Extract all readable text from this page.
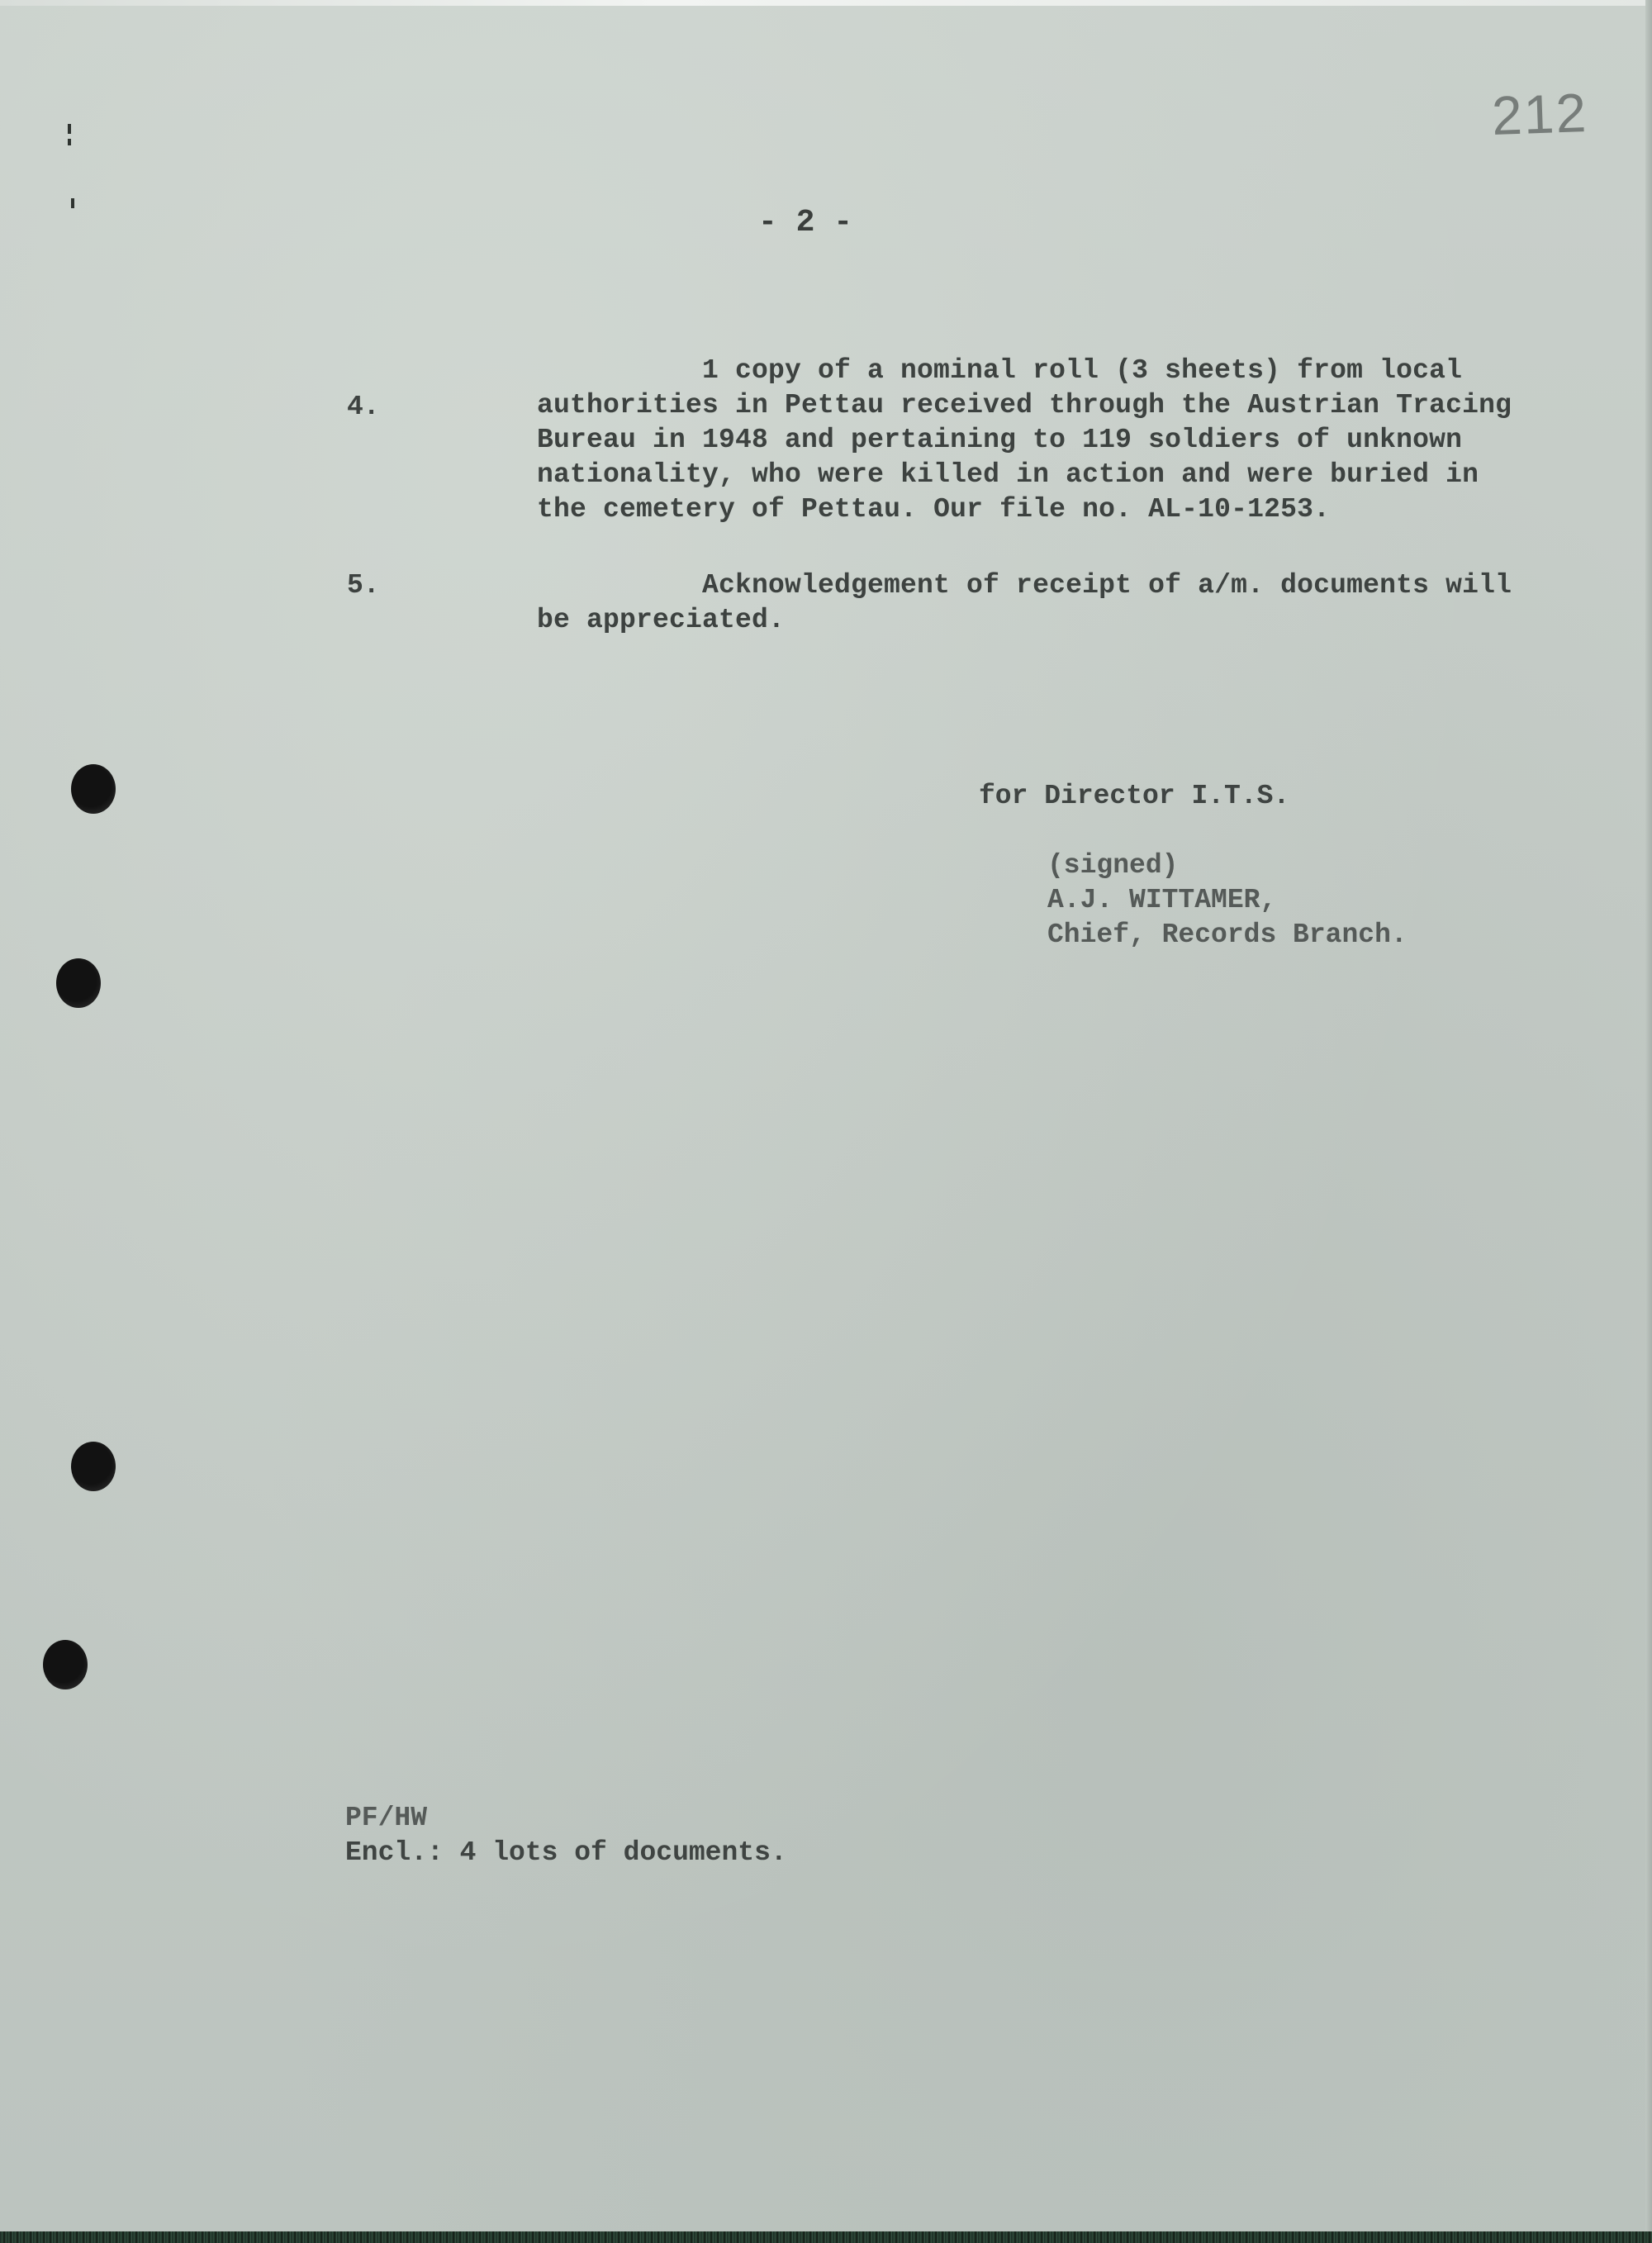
212
- 2 -
4.
1 copy of a nominal roll (3 sheets) from local
authorities in Pettau received through the Austrian Tracing
Bureau in 1948 and pertaining to 119 soldiers of unknown
nationality, who were killed in action and were buried in
the cemetery of Pettau. Our file no. AL-10-1253.
5.	Acknowledgement of receipt of a/m. documents will
be appreciated.
for Director I.T.S.
(signed)
A.J. WITTAMER,
Chief, Records Branch.
PF/HW
Encl.: 4 lots of documents.
